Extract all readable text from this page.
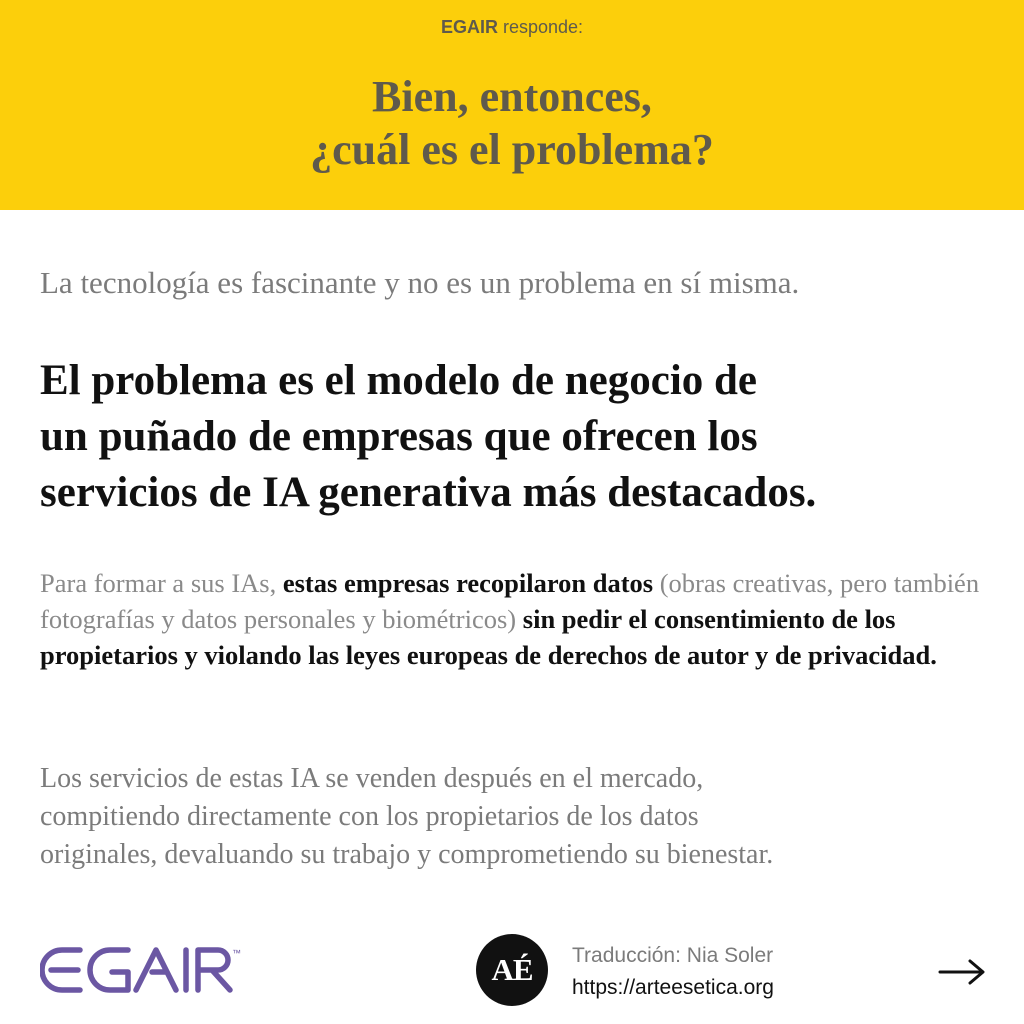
EGAIR responde:
Bien, entonces,
¿cuál es el problema?

La tecnología es fascinante y no es un problema en sí misma.

El problema es el modelo de negocio de
un puñado de empresas que ofrecen los
servicios de IA generativa más destacados.

Para formar a sus IAs, estas empresas recopilaron datos (obras creativas, pero también fotografías y datos personales y biométricos) sin pedir el consentimiento de los propietarios y violando las leyes europeas de derechos de autor y de privacidad.

Los servicios de estas IA se venden después en el mercado,
compitiendo directamente con los propietarios de los datos
originales, devaluando su trabajo y comprometiendo su bienestar.

™	AÉ	Traducción: Nia Soler
https://arteesetica.org
